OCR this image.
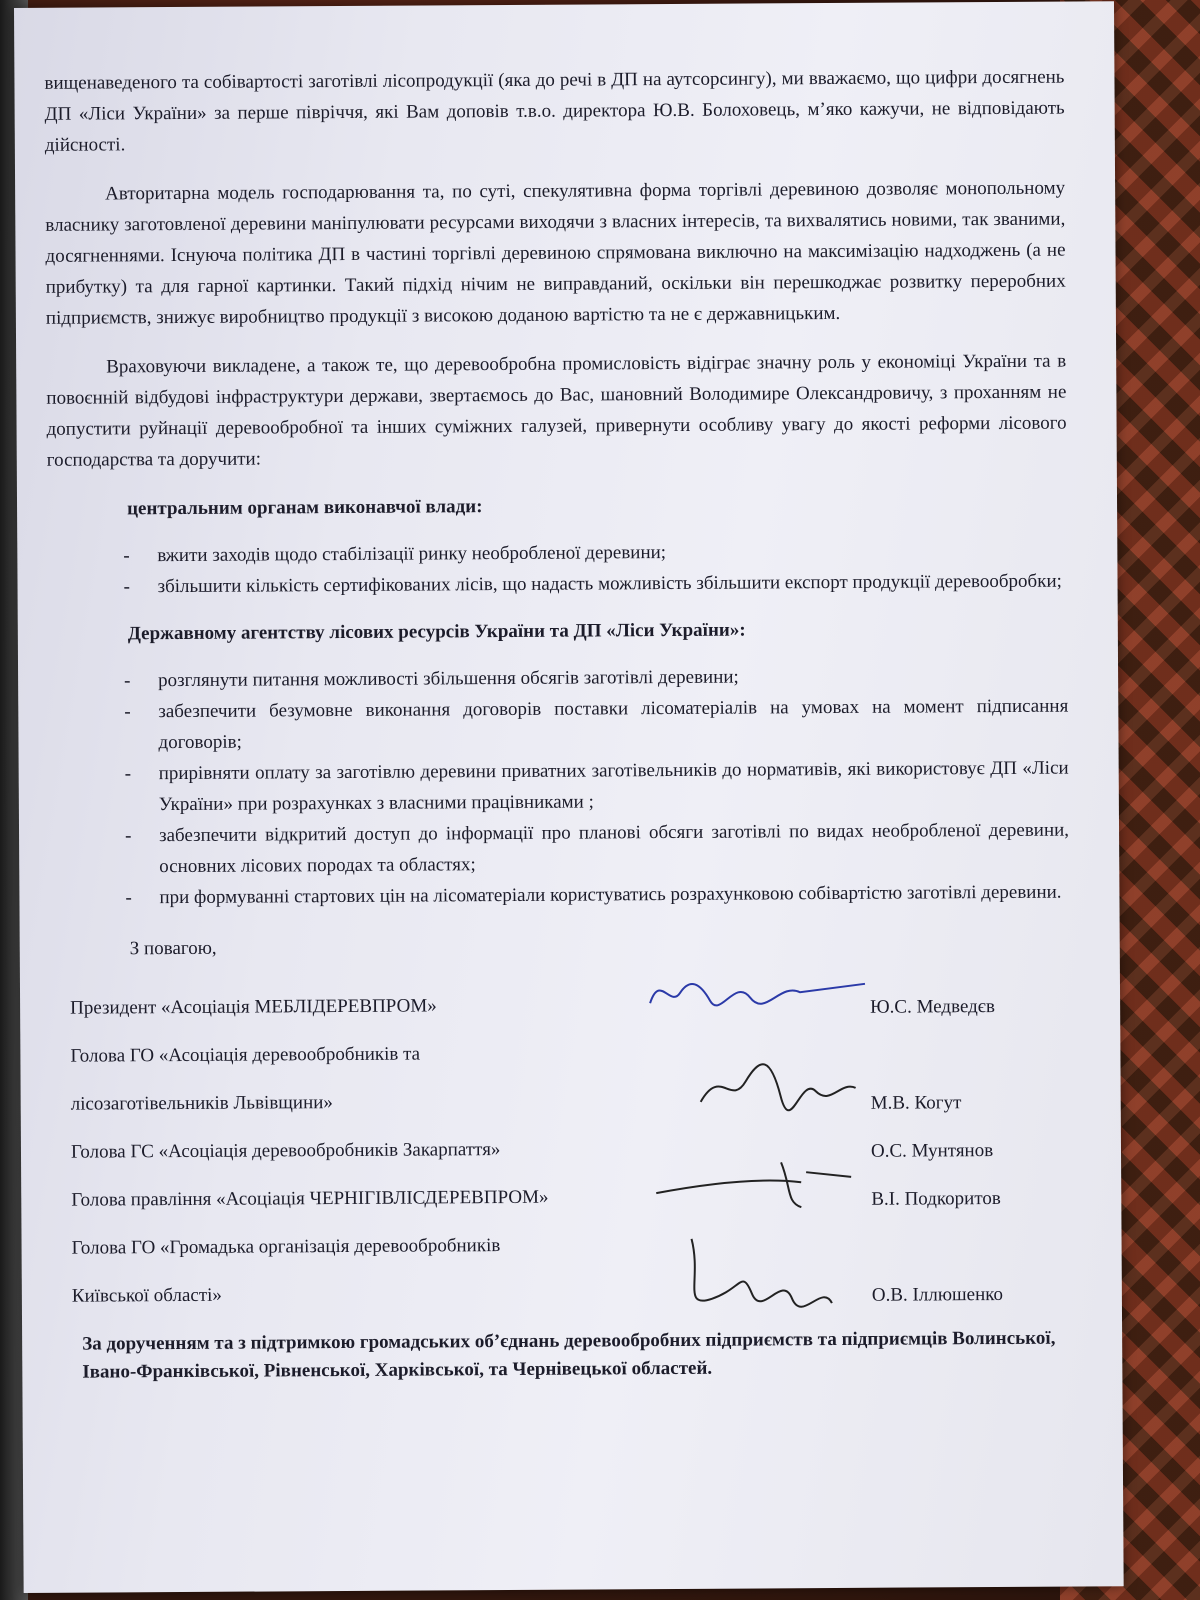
вищенаведеного та собівартості заготівлі лісопродукції (яка до речі в ДП на аутсорсингу), ми вважаємо, що цифри досягнень ДП «Ліси України» за перше півріччя, які Вам доповів т.в.о. директора Ю.В. Болоховець, м’яко кажучи, не відповідають дійсності.

Авторитарна модель господарювання та, по суті, спекулятивна форма торгівлі деревиною дозволяє монопольному власнику заготовленої деревини маніпулювати ресурсами виходячи з власних інтересів, та вихвалятись новими, так званими, досягненнями. Існуюча політика ДП в частині торгівлі деревиною спрямована виключно на максимізацію надходжень (а не прибутку) та для гарної картинки. Такий підхід нічим не виправданий, оскільки він перешкоджає розвитку переробних підприємств, знижує виробництво продукції з високою доданою вартістю та не є державницьким.

Враховуючи викладене, а також те, що деревообробна промисловість відіграє значну роль у економіці України та в повоєнній відбудові інфраструктури держави, звертаємось до Вас, шановний Володимире Олександровичу, з проханням не допустити руйнації деревообробної та інших суміжних галузей, привернути особливу увагу до якості реформи лісового господарства та доручити:

центральним органам виконавчої влади:
- вжити заходів щодо стабілізації ринку необробленої деревини;
- збільшити кількість сертифікованих лісів, що надасть можливість збільшити експорт продукції деревообробки;
Державному агентству лісових ресурсів України та ДП «Ліси України»:
- розглянути питання можливості збільшення обсягів заготівлі деревини;
- забезпечити безумовне виконання договорів поставки лісоматеріалів на умовах на момент підписання договорів;
- прирівняти оплату за заготівлю деревини приватних заготівельників до нормативів, які використовує ДП «Ліси України» при розрахунках з власними працівниками ;
- забезпечити відкритий доступ до інформації про планові обсяги заготівлі по видах необробленої деревини, основних лісових породах та областях;
- при формуванні стартових цін на лісоматеріали користуватись розрахунковою собівартістю заготівлі деревини.
З повагою,
Президент «Асоціація МЕБЛІДЕРЕВПРОМ»	Ю.С. Медведєв
Голова ГО «Асоціація деревообробників та
лісозаготівельників Львівщини»	М.В. Когут
Голова ГС «Асоціація деревообробників Закарпаття»	О.С. Мунтянов
Голова правління «Асоціація ЧЕРНІГІВЛІСДЕРЕВПРОМ»	В.І. Подкоритов
Голова ГО «Громадька організація деревообробників
Київської області»	О.В. Іллюшенко
За дорученням та з підтримкою громадських об’єднань деревообробних підприємств та підприємців Волинської, Івано-Франківської, Рівненської, Харківської, та Чернівецької областей.
